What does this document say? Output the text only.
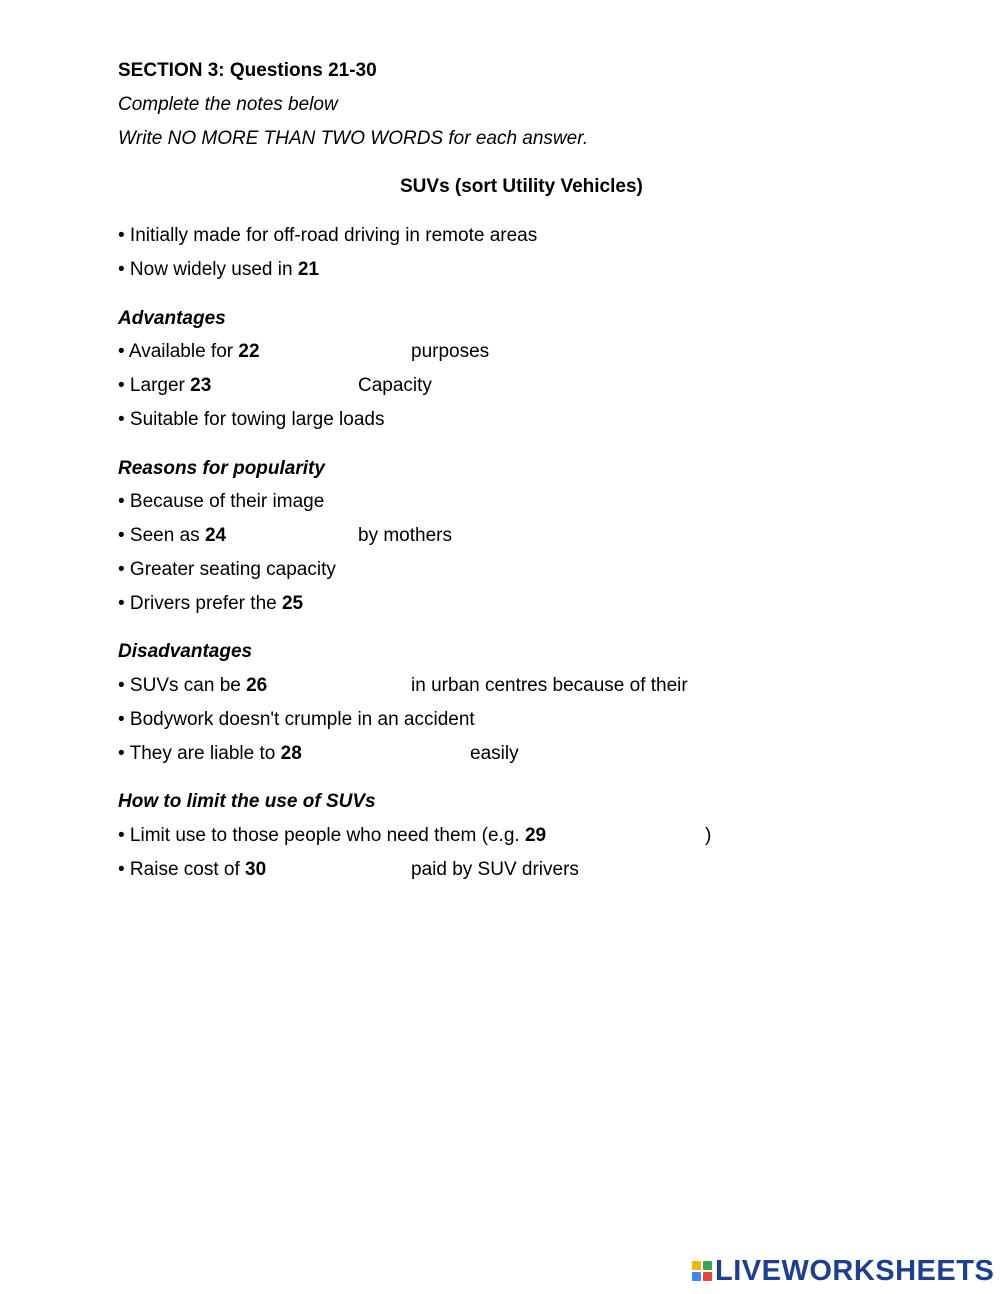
SECTION 3: Questions 21-30
Complete the notes below
Write NO MORE THAN TWO WORDS for each answer.
SUVs (sort Utility Vehicles)
• Initially made for off-road driving in remote areas
• Now widely used in 21
Advantages
• Available for 22	purposes
• Larger 23	Capacity
• Suitable for towing large loads
Reasons for popularity
• Because of their image
• Seen as 24	by mothers
• Greater seating capacity
• Drivers prefer the 25
Disadvantages
• SUVs can be 26	in urban centres because of their
• Bodywork doesn't crumple in an accident
• They are liable to 28	easily
How to limit the use of SUVs
• Limit use to those people who need them (e.g. 29	)
• Raise cost of 30	paid by SUV drivers
LIVEWORKSHEETS
